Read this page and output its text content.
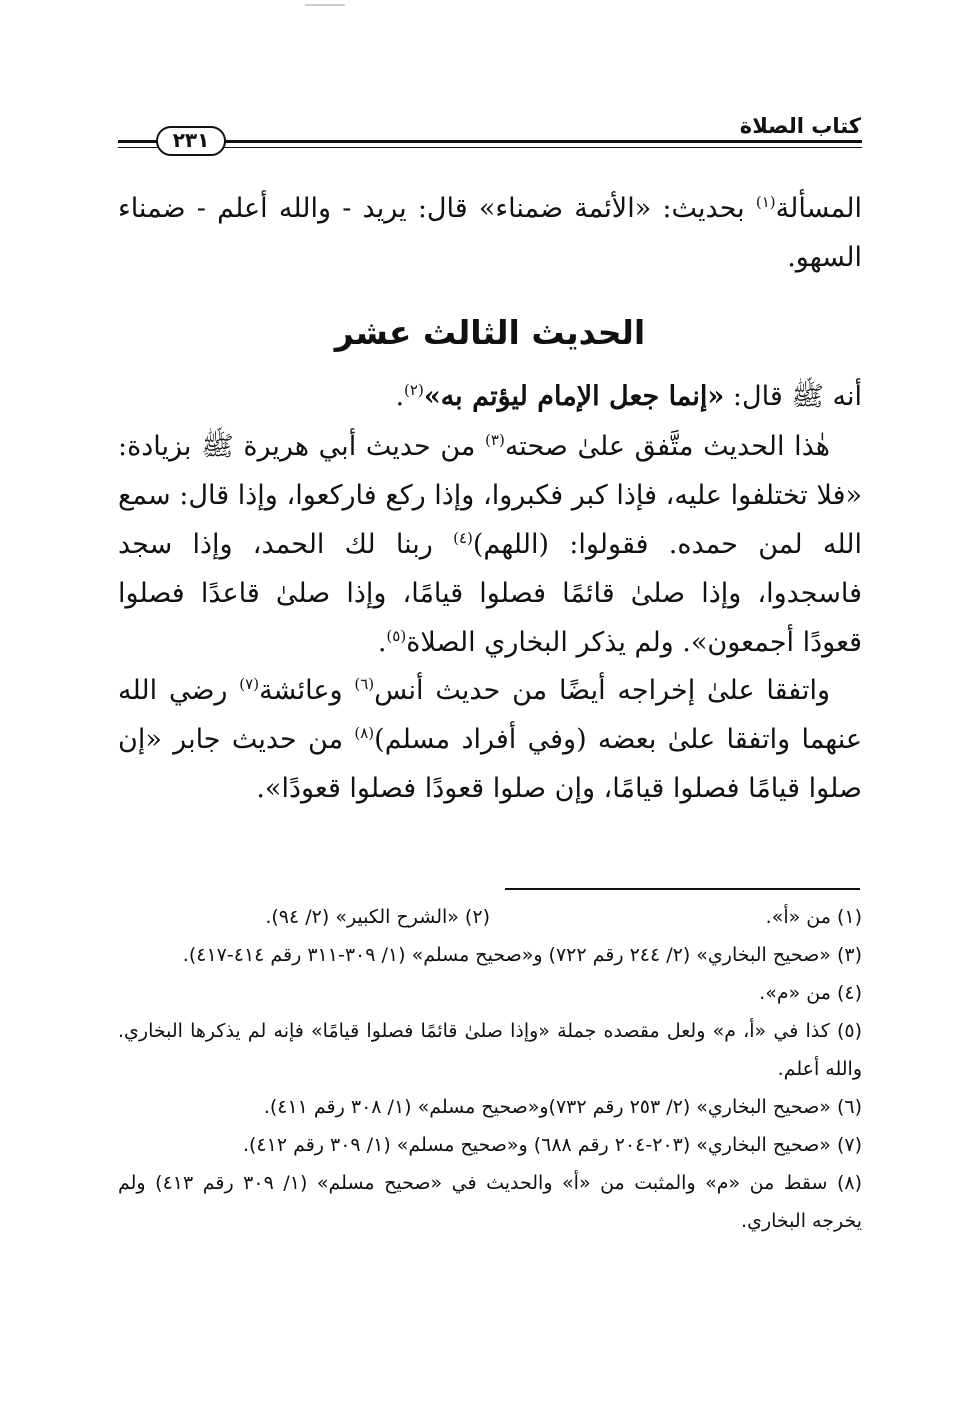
كتاب الصلاة
٢٣١

المسألة$^{(١)}$ بحديث: «الأئمة ضمناء» قال: يريد - والله أعلم - ضمناء السهو.

الحديث الثالث عشر

أنه ﷺ قال: «إنما جعل الإمام ليؤتم به»$^{(٢)}$.

هٰذا الحديث متَّفق علىٰ صحته$^{(٣)}$ من حديث أبي هريرة ﷺ بزيادة: «فلا تختلفوا عليه، فإذا كبر فكبروا، وإذا ركع فاركعوا، وإذا قال: سمع الله لمن حمده. فقولوا: (اللهم)$^{(٤)}$ ربنا لك الحمد، وإذا سجد فاسجدوا، وإذا صلىٰ قائمًا فصلوا قيامًا، وإذا صلىٰ قاعدًا فصلوا قعودًا أجمعون». ولم يذكر البخاري الصلاة$^{(٥)}$.

واتفقا علىٰ إخراجه أيضًا من حديث أنس$^{(٦)}$ وعائشة$^{(٧)}$ رضي الله عنهما واتفقا علىٰ بعضه (وفي أفراد مسلم)$^{(٨)}$ من حديث جابر «إن صلوا قيامًا فصلوا قيامًا، وإن صلوا قعودًا فصلوا قعودًا».

(١) من «أ».
(٢) «الشرح الكبير» (٢/ ٩٤).
(٣) «صحيح البخاري» (٢/ ٢٤٤ رقم ٧٢٢) و«صحيح مسلم» (١/ ٣٠٩-٣١١ رقم ٤١٤-٤١٧).
(٤) من «م».
(٥) كذا في «أ، م» ولعل مقصده جملة «وإذا صلىٰ قائمًا فصلوا قيامًا» فإنه لم يذكرها البخاري. والله أعلم.
(٦) «صحيح البخاري» (٢/ ٢٥٣ رقم ٧٣٢)و«صحيح مسلم» (١/ ٣٠٨ رقم ٤١١).
(٧) «صحيح البخاري» (٢٠٣-٢٠٤ رقم ٦٨٨) و«صحيح مسلم» (١/ ٣٠٩ رقم ٤١٢).
(٨) سقط من «م» والمثبت من «أ» والحديث في «صحيح مسلم» (١/ ٣٠٩ رقم ٤١٣) ولم يخرجه البخاري.
